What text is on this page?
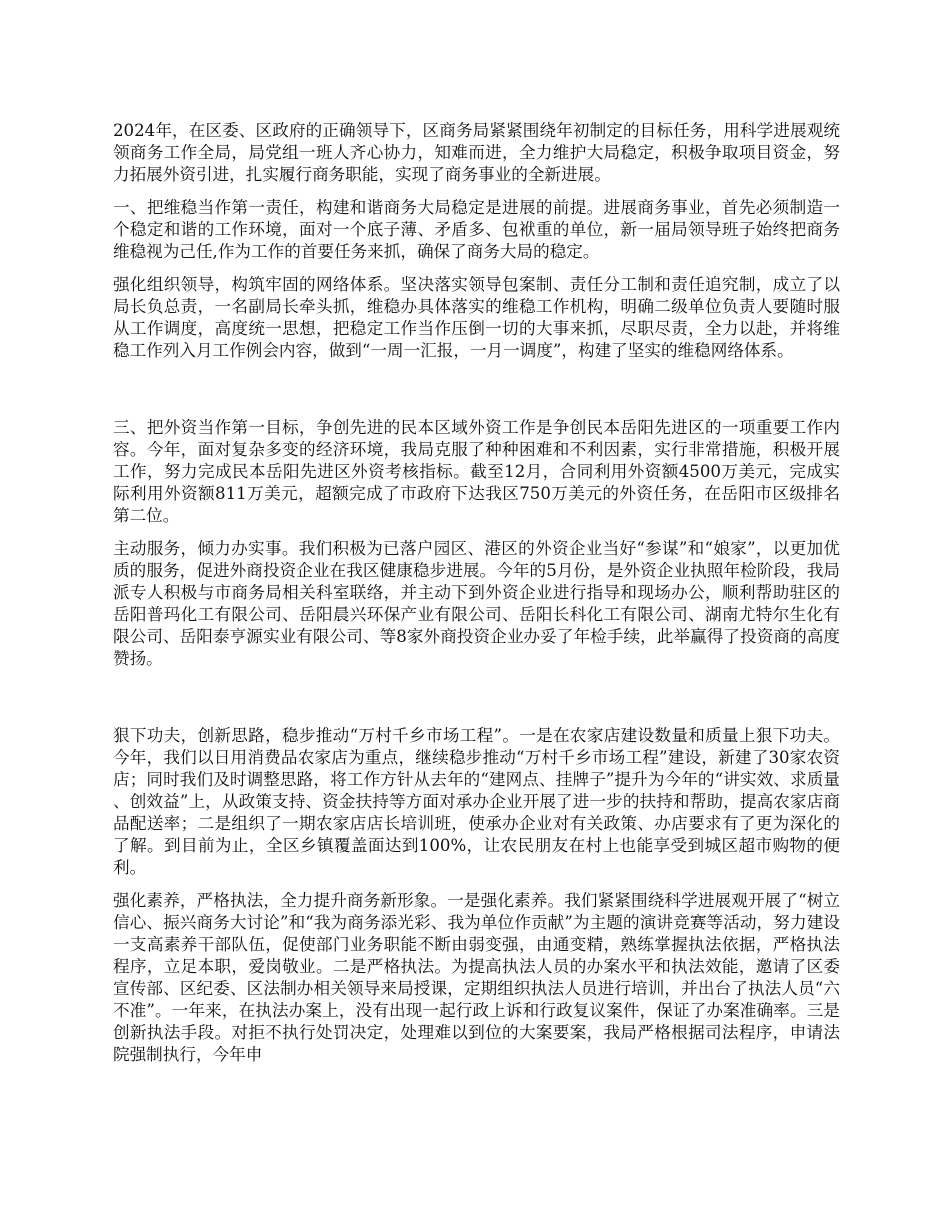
2024年，在区委、区政府的正确领导下，区商务局紧紧围绕年初制定的目标任务，用科学进展观统领商务工作全局，局党组一班人齐心协力，知难而进，全力维护大局稳定，积极争取项目资金，努力拓展外资引进，扎实履行商务职能，实现了商务事业的全新进展。

一、把维稳当作第一责任，构建和谐商务大局稳定是进展的前提。进展商务事业，首先必须制造一个稳定和谐的工作环境，面对一个底子薄、矛盾多、包袱重的单位，新一届局领导班子始终把商务维稳视为己任,作为工作的首要任务来抓，确保了商务大局的稳定。

强化组织领导，构筑牢固的网络体系。坚决落实领导包案制、责任分工制和责任追究制，成立了以局长负总责，一名副局长牵头抓，维稳办具体落实的维稳工作机构，明确二级单位负责人要随时服从工作调度，高度统一思想，把稳定工作当作压倒一切的大事来抓，尽职尽责，全力以赴，并将维稳工作列入月工作例会内容，做到“一周一汇报，一月一调度”，构建了坚实的维稳网络体系。

三、把外资当作第一目标，争创先进的民本区域外资工作是争创民本岳阳先进区的一项重要工作内容。今年，面对复杂多变的经济环境，我局克服了种种困难和不利因素，实行非常措施，积极开展工作，努力完成民本岳阳先进区外资考核指标。截至12月，合同利用外资额4500万美元，完成实际利用外资额811万美元，超额完成了市政府下达我区750万美元的外资任务，在岳阳市区级排名第二位。

主动服务，倾力办实事。我们积极为已落户园区、港区的外资企业当好“参谋”和“娘家”，以更加优质的服务，促进外商投资企业在我区健康稳步进展。今年的5月份，是外资企业执照年检阶段，我局派专人积极与市商务局相关科室联络，并主动下到外资企业进行指导和现场办公，顺利帮助驻区的岳阳普玛化工有限公司、岳阳晨兴环保产业有限公司、岳阳长科化工有限公司、湖南尤特尔生化有限公司、岳阳泰亨源实业有限公司、等8家外商投资企业办妥了年检手续，此举赢得了投资商的高度赞扬。

狠下功夫，创新思路，稳步推动“万村千乡市场工程”。一是在农家店建设数量和质量上狠下功夫。今年，我们以日用消费品农家店为重点，继续稳步推动“万村千乡市场工程”建设，新建了30家农资店；同时我们及时调整思路，将工作方针从去年的“建网点、挂牌子”提升为今年的“讲实效、求质量、创效益”上，从政策支持、资金扶持等方面对承办企业开展了进一步的扶持和帮助，提高农家店商品配送率；二是组织了一期农家店店长培训班，使承办企业对有关政策、办店要求有了更为深化的了解。到目前为止，全区乡镇覆盖面达到100%，让农民朋友在村上也能享受到城区超市购物的便利。

强化素养，严格执法，全力提升商务新形象。一是强化素养。我们紧紧围绕科学进展观开展了“树立信心、振兴商务大讨论”和“我为商务添光彩、我为单位作贡献”为主题的演讲竞赛等活动，努力建设一支高素养干部队伍，促使部门业务职能不断由弱变强，由通变精，熟练掌握执法依据，严格执法程序，立足本职，爱岗敬业。二是严格执法。为提高执法人员的办案水平和执法效能，邀请了区委宣传部、区纪委、区法制办相关领导来局授课，定期组织执法人员进行培训，并出台了执法人员“六不准”。一年来，在执法办案上，没有出现一起行政上诉和行政复议案件，保证了办案准确率。三是创新执法手段。对拒不执行处罚决定，处理难以到位的大案要案，我局严格根据司法程序，申请法院强制执行，今年申
